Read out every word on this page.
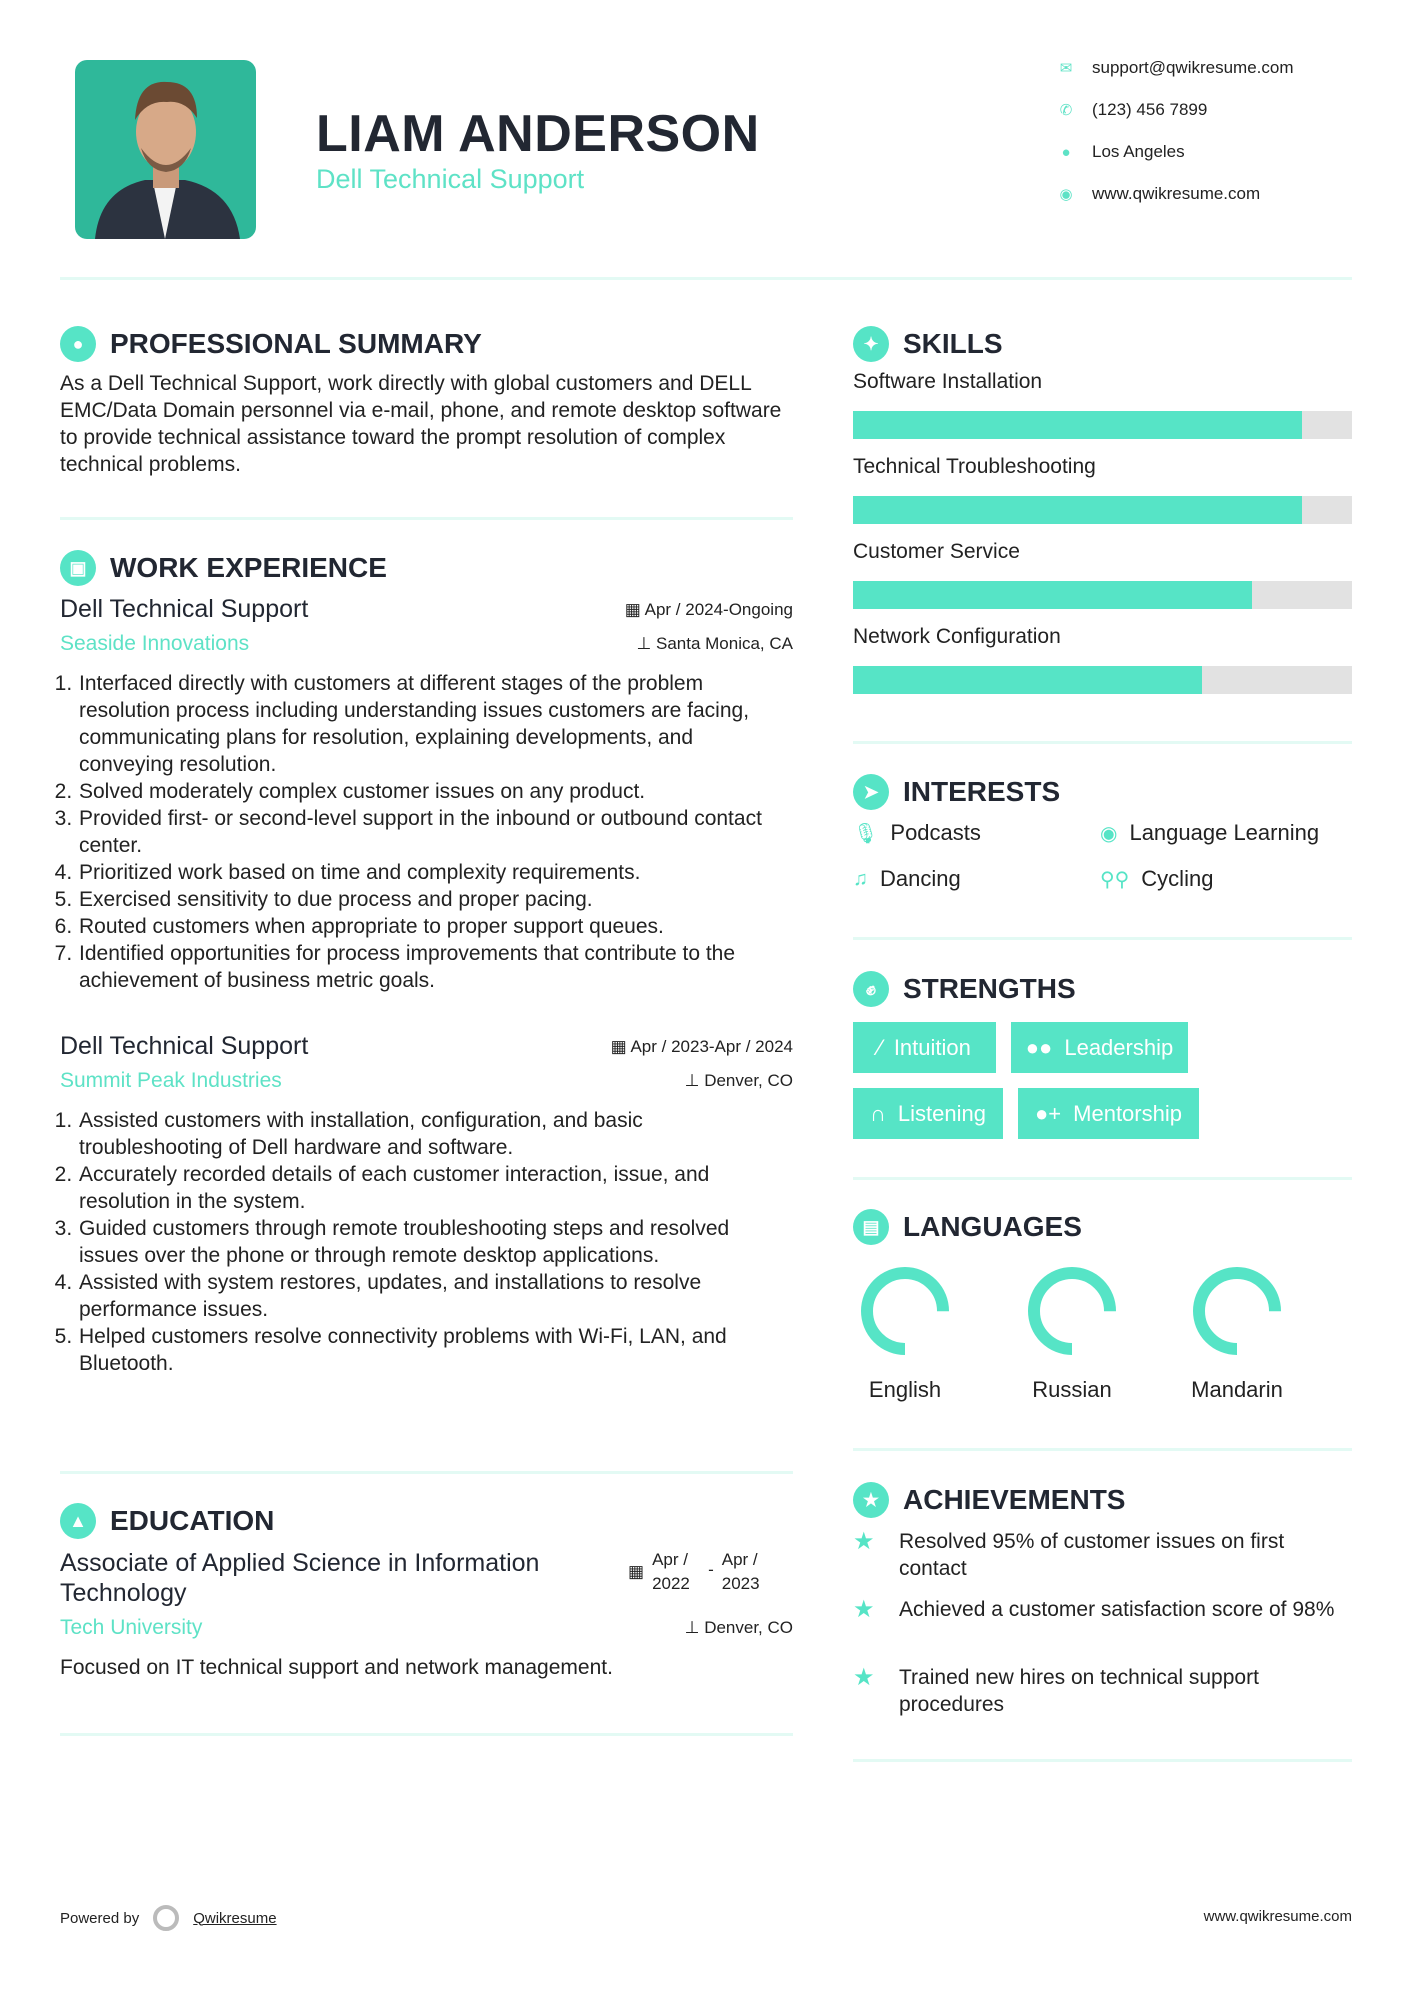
LIAM ANDERSON
Dell Technical Support
✉ support@qwikresume.com
✆ (123) 456 7899
● Los Angeles
◉ www.qwikresume.com
● PROFESSIONAL SUMMARY
As a Dell Technical Support, work directly with global customers and DELL EMC/Data Domain personnel via e-mail, phone, and remote desktop software to provide technical assistance toward the prompt resolution of complex technical problems.
▣ WORK EXPERIENCE
Dell Technical Support	▦ Apr / 2024-Ongoing
Seaside Innovations	⊥ Santa Monica, CA
1. Interfaced directly with customers at different stages of the problem resolution process including understanding issues customers are facing, communicating plans for resolution, explaining developments, and conveying resolution.
2. Solved moderately complex customer issues on any product.
3. Provided first- or second-level support in the inbound or outbound contact center.
4. Prioritized work based on time and complexity requirements.
5. Exercised sensitivity to due process and proper pacing.
6. Routed customers when appropriate to proper support queues.
7. Identified opportunities for process improvements that contribute to the achievement of business metric goals.
Dell Technical Support	▦ Apr / 2023-Apr / 2024
Summit Peak Industries	⊥ Denver, CO
1. Assisted customers with installation, configuration, and basic troubleshooting of Dell hardware and software.
2. Accurately recorded details of each customer interaction, issue, and resolution in the system.
3. Guided customers through remote troubleshooting steps and resolved issues over the phone or through remote desktop applications.
4. Assisted with system restores, updates, and installations to resolve performance issues.
5. Helped customers resolve connectivity problems with Wi-Fi, LAN, and Bluetooth.
▲ EDUCATION
Associate of Applied Science in Information Technology
▦
Apr / 2022
-
Apr / 2023
Tech University	⊥ Denver, CO
Focused on IT technical support and network management.
✦ SKILLS
Software Installation
Technical Troubleshooting
Customer Service
Network Configuration
➤ INTERESTS
🎙︎ Podcasts	◉ Language Learning
♫ Dancing	⚲⚲ Cycling
✊︎ STRENGTHS
⁄ Intuition ●● Leadership
∩ Listening ●+ Mentorship
▤ LANGUAGES
English	Russian	Mandarin
★ ACHIEVEMENTS
★	Resolved 95% of customer issues on first contact
★	Achieved a customer satisfaction score of 98%
★	Trained new hires on technical support procedures
Powered by	Qwikresume	www.qwikresume.com
